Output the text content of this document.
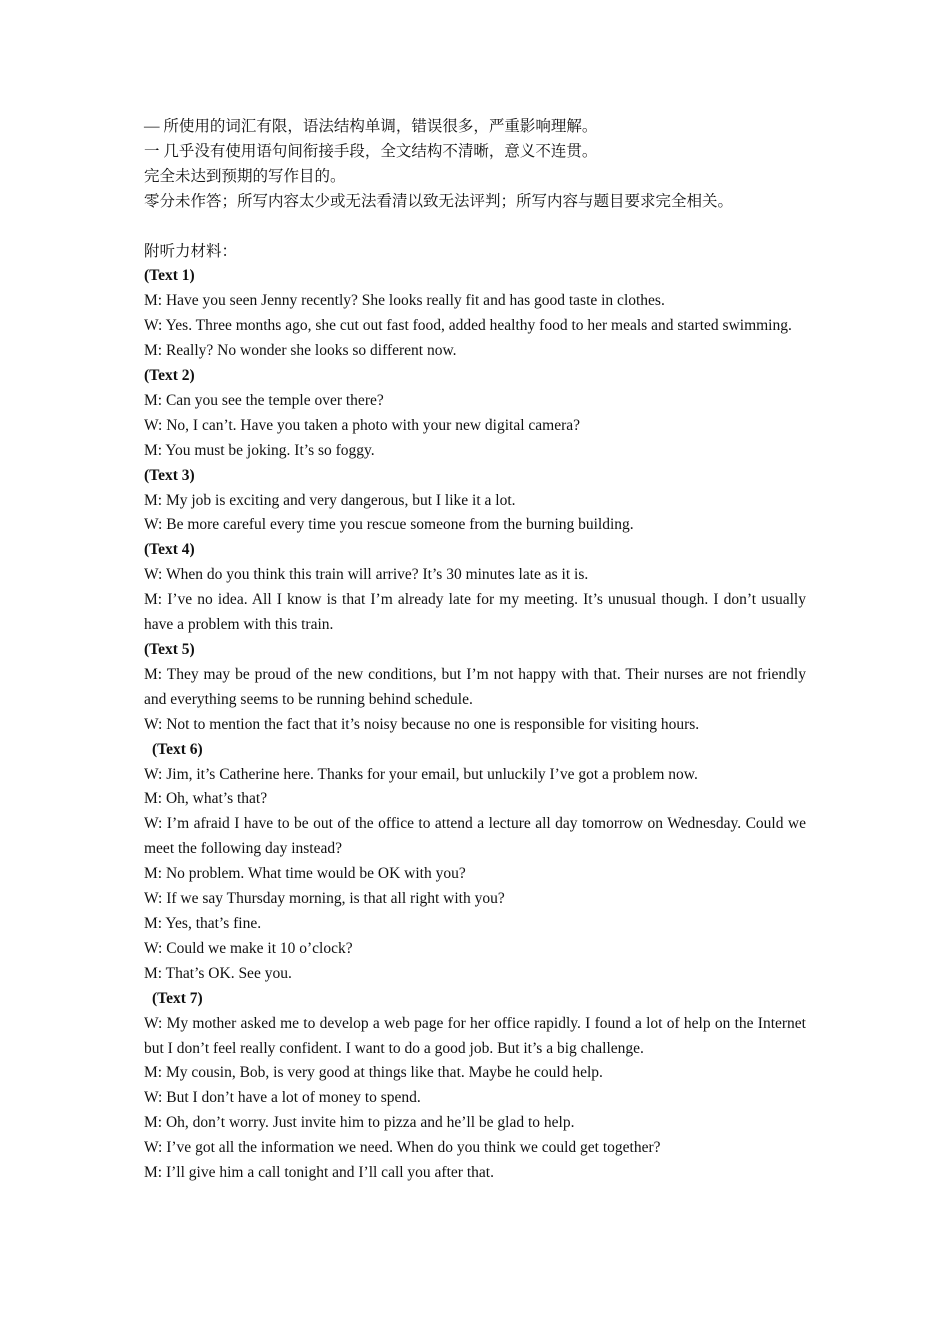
— 所使用的词汇有限，语法结构单调，错误很多，严重影响理解。

一 几乎没有使用语句间衔接手段，全文结构不清晰，意义不连贯。

完全未达到预期的写作目的。

零分未作答；所写内容太少或无法看清以致无法评判；所写内容与题目要求完全相关。

附听力材料：

(Text 1)

M: Have you seen Jenny recently? She looks really fit and has good taste in clothes.

W: Yes. Three months ago, she cut out fast food, added healthy food to her meals and started swimming.

M: Really? No wonder she looks so different now.

(Text 2)

M: Can you see the temple over there?

W: No, I can’t. Have you taken a photo with your new digital camera?

M: You must be joking. It’s so foggy.

(Text 3)

M: My job is exciting and very dangerous, but I like it a lot.

W: Be more careful every time you rescue someone from the burning building.

(Text 4)

W: When do you think this train will arrive? It’s 30 minutes late as it is.

M: I’ve no idea. All I know is that I’m already late for my meeting. It’s unusual though. I don’t usually have a problem with this train.

(Text 5)

M: They may be proud of the new conditions, but I’m not happy with that. Their nurses are not friendly and everything seems to be running behind schedule.

W: Not to mention the fact that it’s noisy because no one is responsible for visiting hours.

(Text 6)

W: Jim, it’s Catherine here. Thanks for your email, but unluckily I’ve got a problem now.

M: Oh, what’s that?

W: I’m afraid I have to be out of the office to attend a lecture all day tomorrow on Wednesday. Could we meet the following day instead?

M: No problem. What time would be OK with you?

W: If we say Thursday morning, is that all right with you?

M: Yes, that’s fine.

W: Could we make it 10 o’clock?

M: That’s OK. See you.

(Text 7)

W: My mother asked me to develop a web page for her office rapidly. I found a lot of help on the Internet but I don’t feel really confident. I want to do a good job. But it’s a big challenge.

M: My cousin, Bob, is very good at things like that. Maybe he could help.

W: But I don’t have a lot of money to spend.

M: Oh, don’t worry. Just invite him to pizza and he’ll be glad to help.

W: I’ve got all the information we need. When do you think we could get together?

M: I’ll give him a call tonight and I’ll call you after that.
